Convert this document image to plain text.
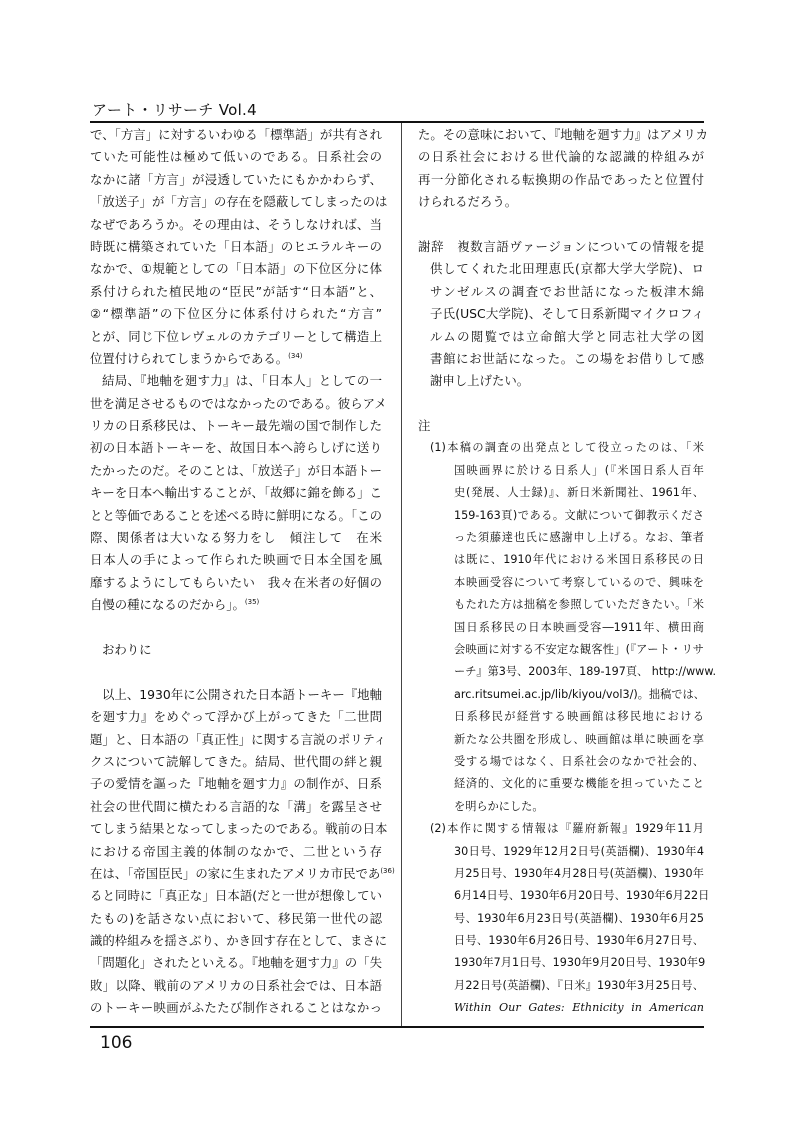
アート・リサーチ Vol.4
で、「方言」に対するいわゆる「標準語」が共有され
ていた可能性は極めて低いのである。日系社会の
なかに諸「方言」が浸透していたにもかかわらず、
「放送子」が「方言」の存在を隠蔽してしまったのは
なぜであろうか。その理由は、そうしなければ、当
時既に構築されていた「日本語」のヒエラルキーの
なかで、①規範としての「日本語」の下位区分に体
系付けられた植民地の“臣民”が話す“日本語”と、
②“標準語”の下位区分に体系付けられた“方言”
とが、同じ下位レヴェルのカテゴリーとして構造上
位置付けられてしまうからである。$^{(34)}$
結局、『地軸を廻す力』は、「日本人」としての一
世を満足させるものではなかったのである。彼らアメ
リカの日系移民は、トーキー最先端の国で制作した
初の日本語トーキーを、故国日本へ誇らしげに送り
たかったのだ。そのことは、「放送子」が日本語トー
キーを日本へ輸出することが、「故郷に錦を飾る」こ
とと等価であることを述べる時に鮮明になる。「この
際、関係者は大いなる努力をし　傾注して　在米
日本人の手によって作られた映画で日本全国を風
靡するようにしてもらいたい　我々在米者の好個の
自慢の種になるのだから」。$^{(35)}$
おわりに
以上、1930年に公開された日本語トーキー『地軸
を廻す力』をめぐって浮かび上がってきた「二世問
題」と、日本語の「真正性」に関する言説のポリティ
クスについて読解してきた。結局、世代間の絆と親
子の愛情を謳った『地軸を廻す力』の制作が、日系
社会の世代間に横たわる言語的な「溝」を露呈させ
てしまう結果となってしまったのである。戦前の日本
における帝国主義的体制のなかで、二世という存
在は、「帝国臣民」の家に生まれたアメリカ市民であ$^{(36)}$
ると同時に「真正な」日本語(だと一世が想像してい
たもの)を話さない点において、移民第一世代の認
識的枠組みを揺さぶり、かき回す存在として、まさに
「問題化」されたといえる。『地軸を廻す力』の「失
敗」以降、戦前のアメリカの日系社会では、日本語
のトーキー映画がふたたび制作されることはなかっ
た。その意味において、『地軸を廻す力』はアメリカ
の日系社会における世代論的な認識的枠組みが
再一分節化される転換期の作品であったと位置付
けられるだろう。
謝辞　複数言語ヴァージョンについての情報を提
供してくれた北田理恵氏(京都大学大学院)、ロ
サンゼルスの調査でお世話になった板津木綿
子氏(USC大学院)、そして日系新聞マイクロフィ
ルムの閲覧では立命館大学と同志社大学の図
書館にお世話になった。この場をお借りして感
謝申し上げたい。
注
(1)本稿の調査の出発点として役立ったのは、「米
国映画界に於ける日系人」(『米国日系人百年
史(発展、人士録)』、新日米新聞社、1961年、
159-163頁)である。文献について御教示くださ
った須藤達也氏に感謝申し上げる。なお、筆者
は既に、1910年代における米国日系移民の日
本映画受容について考察しているので、興味を
もたれた方は拙稿を参照していただきたい。「米
国日系移民の日本映画受容―1911年、横田商
会映画に対する不安定な観客性」(『アート・リサ
ーチ』第3号、2003年、189-197頁、 http://www.
arc.ritsumei.ac.jp/lib/kiyou/vol3/)。拙稿では、
日系移民が経営する映画館は移民地における
新たな公共圏を形成し、映画館は単に映画を享
受する場ではなく、日系社会のなかで社会的、
経済的、文化的に重要な機能を担っていたこと
を明らかにした。
(2)本作に関する情報は『羅府新報』1929年11月
30日号、1929年12月2日号(英語欄)、1930年4
月25日号、1930年4月28日号(英語欄)、1930年
6月14日号、1930年6月20日号、1930年6月22日
号、1930年6月23日号(英語欄)、1930年6月25
日号、1930年6月26日号、1930年6月27日号、
1930年7月1日号、1930年9月20日号、1930年9
月22日号(英語欄)、『日米』1930年3月25日号、
Within Our Gates: Ethnicity in American
106
